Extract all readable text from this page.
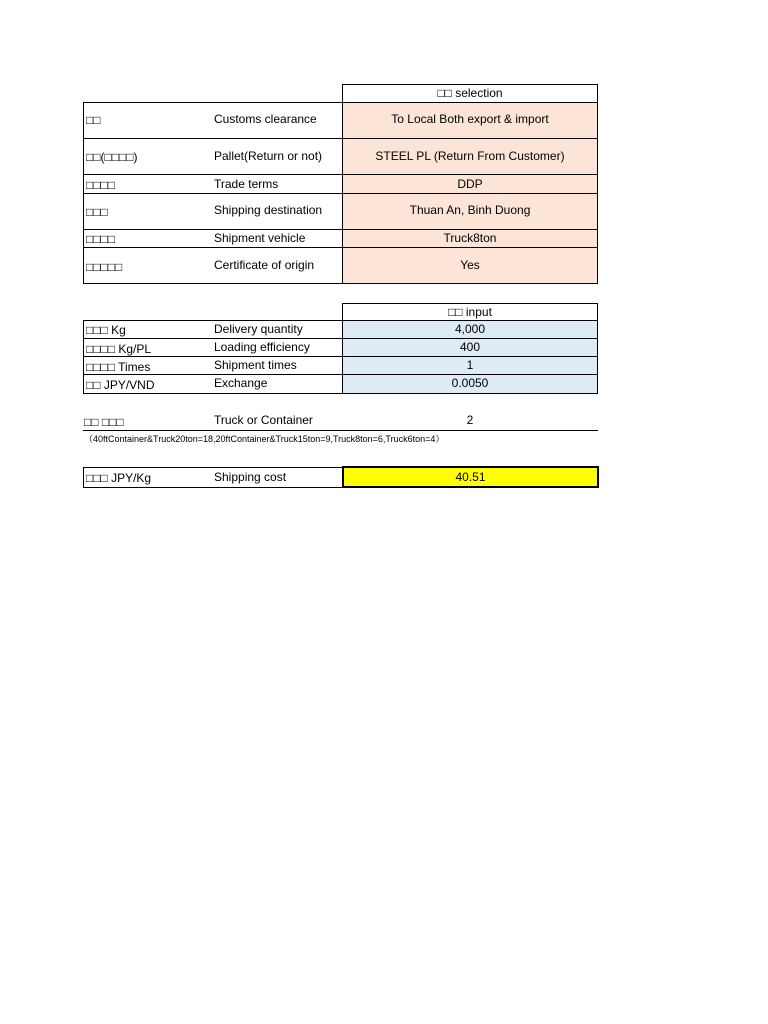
□□ selection
□□	Customs clearance	To Local Both export & import
□□(□□□□)	Pallet(Return or not)	STEEL PL (Return From Customer)
□□□□	Trade terms	DDP
□□□	Shipping destination	Thuan An, Binh Duong
□□□□	Shipment vehicle	Truck8ton
□□□□□	Certificate of origin	Yes
□□ input
□□□ Kg	Delivery quantity	4,000
□□□□ Kg/PL	Loading efficiency	400
□□□□ Times	Shipment times	1
□□ JPY/VND	Exchange	0.0050
□□ □□□	Truck or Container	2
（40ftContainer&Truck20ton=18,20ftContainer&Truck15ton=9,Truck8ton=6,Truck6ton=4）
□□□ JPY/Kg	Shipping cost	40.51
